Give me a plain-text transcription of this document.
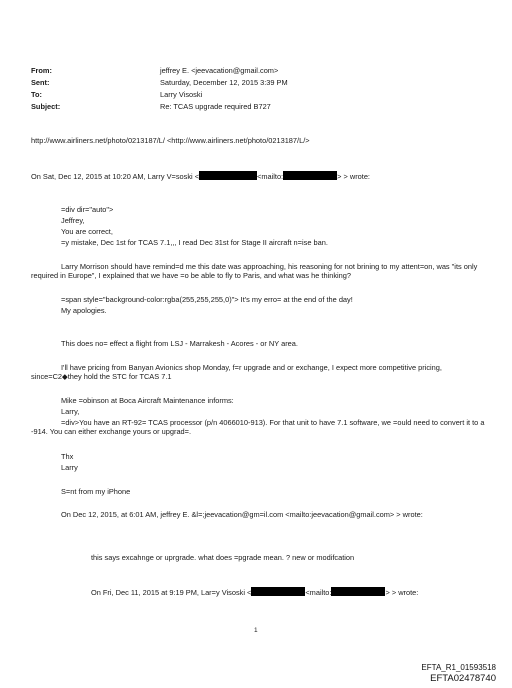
From:	jeffrey E. <jeevacation@gmail.com>
Sent:	Saturday, December 12, 2015 3:39 PM
To:	Larry Visoski
Subject:	Re: TCAS upgrade required B727
http://www.airliners.net/photo/0213187/L/ <http://www.airliners.net/photo/0213187/L/>
On Sat, Dec 12, 2015 at 10:20 AM, Larry V=soski <	<mailto:	> > wrote:
=div dir="auto">
Jeffrey,
You are correct,
=y mistake, Dec 1st for TCAS 7.1,,, I read Dec 31st for Stage II aircraft n=ise ban.
Larry Morrison should have remind=d me this date was approaching, his reasoning for not brining to my attent=on, was "its only required in Europe", I explained that we have =o be able to fly to Paris, and what was he thinking?
=span style="background-color:rgba(255,255,255,0)"> It's my erro= at the end of the day!
My apologies.
This does no= effect a flight from LSJ - Marrakesh - Acores - or NY area.
I'll have pricing from Banyan Avionics shop Monday, f=r upgrade and or exchange, I expect more competitive pricing, since=C2◆they hold the STC for TCAS 7.1
Mike =obinson at Boca Aircraft Maintenance informs:
Larry,
=div>You have an RT-92= TCAS processor (p/n 4066010-913). For that unit to have 7.1 software, we =ould need to convert it to a -914. You can either exchange yours or upgrad=.
Thx
Larry
S=nt from my iPhone
On Dec 12, 2015, at 6:01 AM, jeffrey E. &l=;jeevacation@gm=il.com <mailto:jeevacation@gmail.com> > wrote:
this says excahnge or uprgrade. what does =pgrade mean. ? new or modifcation
On Fri, Dec 11, 2015 at 9:19 PM, Lar=y Visoski <	<mailto:	> > wrote:
1
EFTA_R1_01593518
EFTA02478740
